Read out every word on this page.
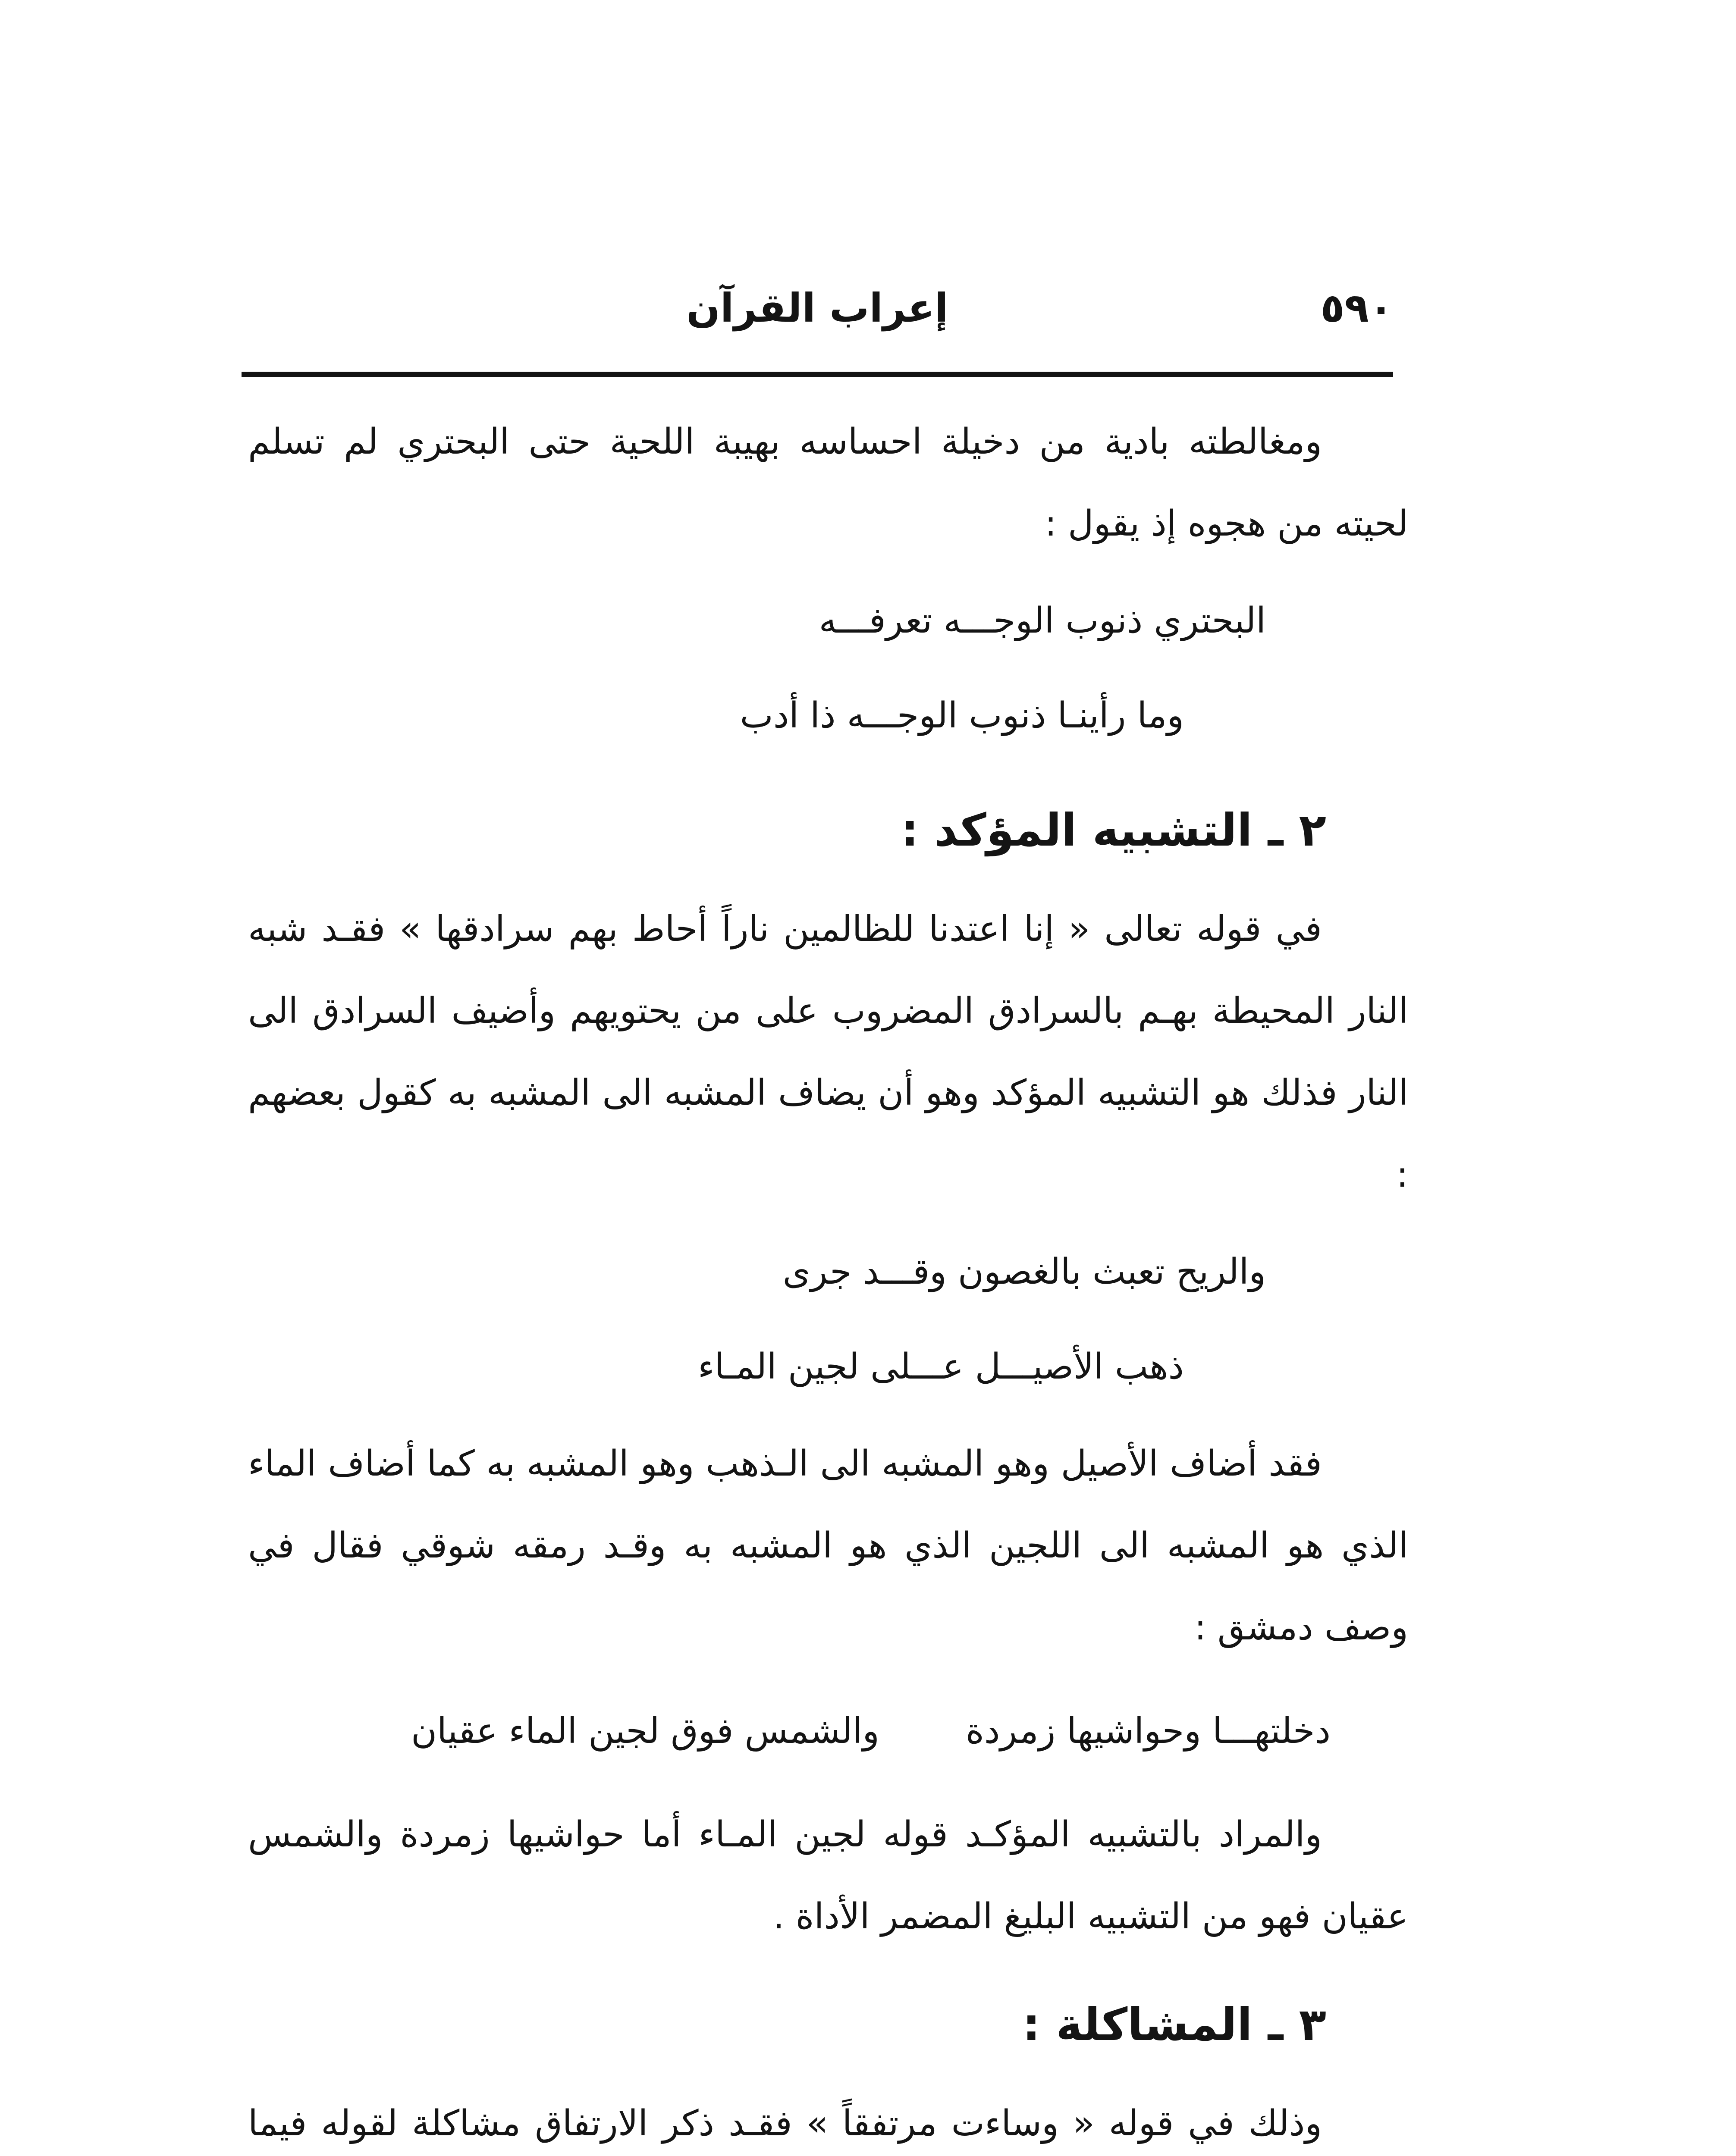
٥٩٠
إعراب القرآن

ومغالطته بادية من دخيلة احساسه بهيبة اللحية حتى البحتري لم تسلم لحيته من هجوه إذ يقول :

البحتري ذنوب الوجـــه تعرفـــه

وما رأينـا ذنوب الوجـــه ذا أدب

٢ ـ التشبيه المؤكد :

في قوله تعالى « إنا اعتدنا للظالمين ناراً أحاط بهم سرادقها » فقـد شبه النار المحيطة بهـم بالسرادق المضروب على من يحتويهم وأضيف السرادق الى النار فذلك هو التشبيه المؤكد وهو أن يضاف المشبه الى المشبه به كقول بعضهم :

والريح تعبث بالغصون وقـــد جرى

ذهب الأصيـــل عـــلى لجين المـاء

فقد أضاف الأصيل وهو المشبه الى الـذهب وهو المشبه به كما أضاف الماء الذي هو المشبه الى اللجين الذي هو المشبه به وقـد رمقه شوقي فقال في وصف دمشق :

دخلتهـــا وحواشيها زمردةوالشمس فوق لجين الماء عقيان

والمراد بالتشبيه المؤكـد قوله لجين المـاء أما حواشيها زمردة والشمس عقيان فهو من التشبيه البليغ المضمر الأداة .

٣ ـ المشاكلة :

وذلك في قوله « وساءت مرتفقاً » فقـد ذكر الارتفاق مشاكلة لقوله فيما
